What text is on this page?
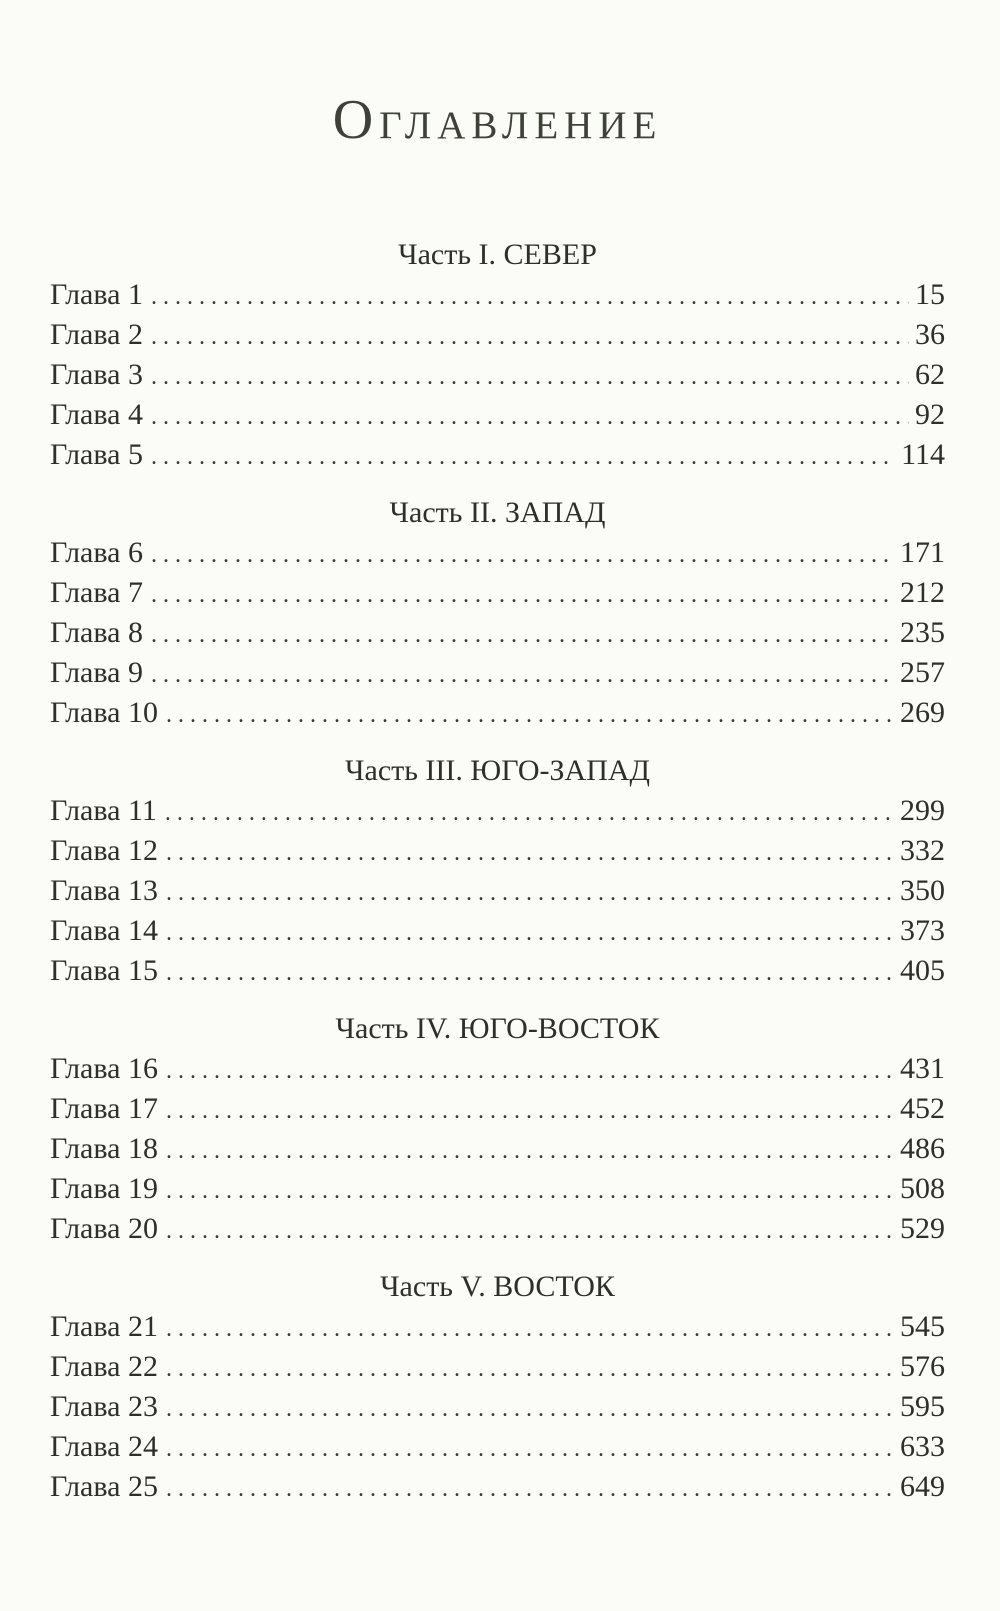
Оглавление
Часть I. СЕВЕР
Глава 1 . . .	15
Глава 2 . . .	36
Глава 3 . . .	62
Глава 4 . . .	92
Глава 5 . . .	114
Часть II. ЗАПАД
Глава 6 . . .	171
Глава 7 . . .	212
Глава 8 . . .	235
Глава 9 . . .	257
Глава 10 . . .	269
Часть III. ЮГО-ЗАПАД
Глава 11 . . .	299
Глава 12 . . .	332
Глава 13 . . .	350
Глава 14 . . .	373
Глава 15 . . .	405
Часть IV. ЮГО-ВОСТОК
Глава 16 . . .	431
Глава 17 . . .	452
Глава 18 . . .	486
Глава 19 . . .	508
Глава 20 . . .	529
Часть V. ВОСТОК
Глава 21 . . .	545
Глава 22 . . .	576
Глава 23 . . .	595
Глава 24 . . .	633
Глава 25 . . .	649
